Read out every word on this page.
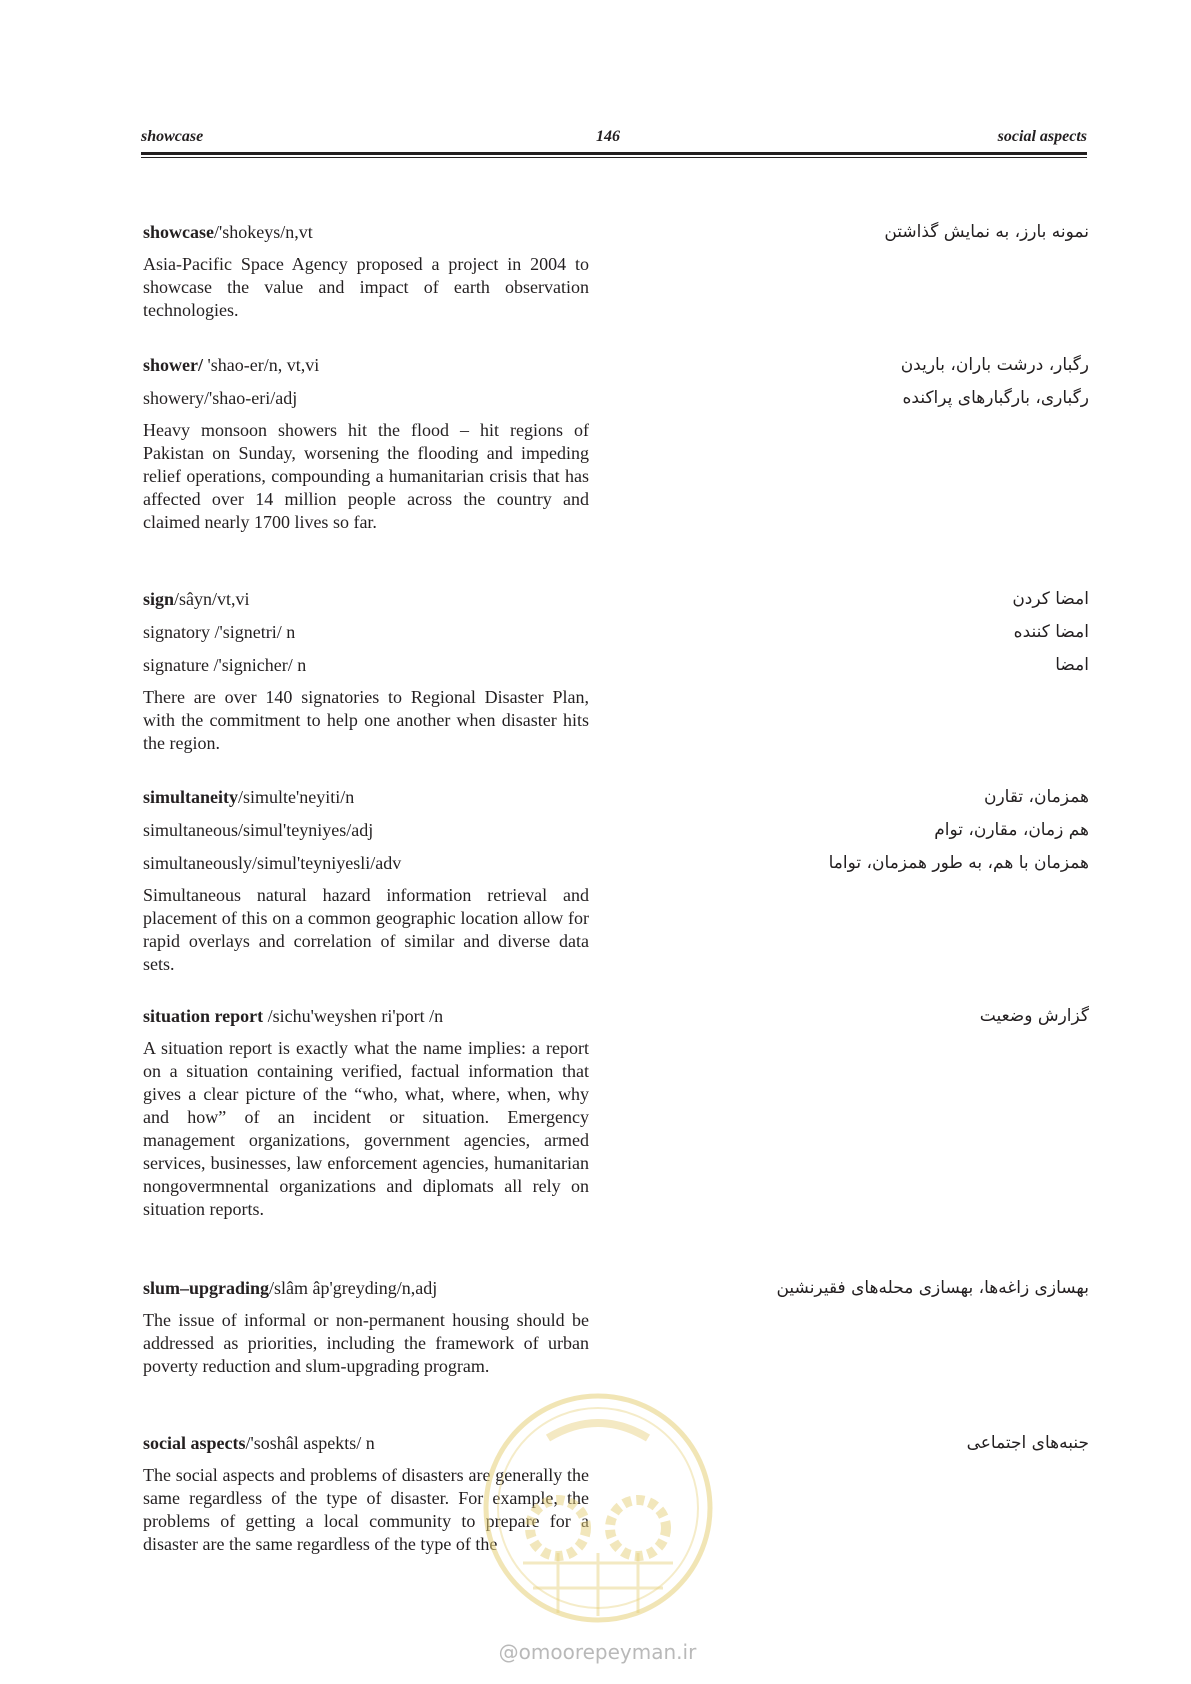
showcase	146	social aspects
showcase/'shokeys/n,vt	نمونه بارز، به نمایش گذاشتن
Asia-Pacific Space Agency proposed a project in 2004 to showcase the value and impact of earth observation technologies.
shower/ 'shao-er/n, vt,vi	رگبار، درشت باران، باریدن
showery/'shao-eri/adj	رگباری، بارگبارهای پراکنده
Heavy monsoon showers hit the flood – hit regions of Pakistan on Sunday, worsening the flooding and impeding relief operations, compounding a humanitarian crisis that has affected over 14 million people across the country and claimed nearly 1700 lives so far.
sign/sâyn/vt,vi	امضا کردن
signatory /'signetri/ n	امضا کننده
signature /'signicher/ n	امضا
There are over 140 signatories to Regional Disaster Plan, with the commitment to help one another when disaster hits the region.
simultaneity/simulte'neyiti/n	همزمان، تقارن
simultaneous/simul'teyniyes/adj	هم زمان، مقارن، توام
simultaneously/simul'teyniyesli/adv	همزمان با هم، به طور همزمان، تواما
Simultaneous natural hazard information retrieval and placement of this on a common geographic location allow for rapid overlays and correlation of similar and diverse data sets.
situation report /sichu'weyshen ri'port /n	گزارش وضعیت
A situation report is exactly what the name implies: a report on a situation containing verified, factual information that gives a clear picture of the “who, what, where, when, why and how” of an incident or situation. Emergency management organizations, government agencies, armed services, businesses, law enforcement agencies, humanitarian nongovermnental organizations and diplomats all rely on situation reports.
slum–upgrading/slâm âp'greyding/n,adj	بهسازی زاغه‌ها، بهسازی محله‌های فقیرنشین
The issue of informal or non-permanent housing should be addressed as priorities, including the framework of urban poverty reduction and slum-upgrading program.
social aspects/'soshâl aspekts/ n	جنبه‌های اجتماعی
The social aspects and problems of disasters are generally the same regardless of the type of disaster. For example, the problems of getting a local community to prepare for a disaster are the same regardless of the type of the
@omoorepeyman.ir
